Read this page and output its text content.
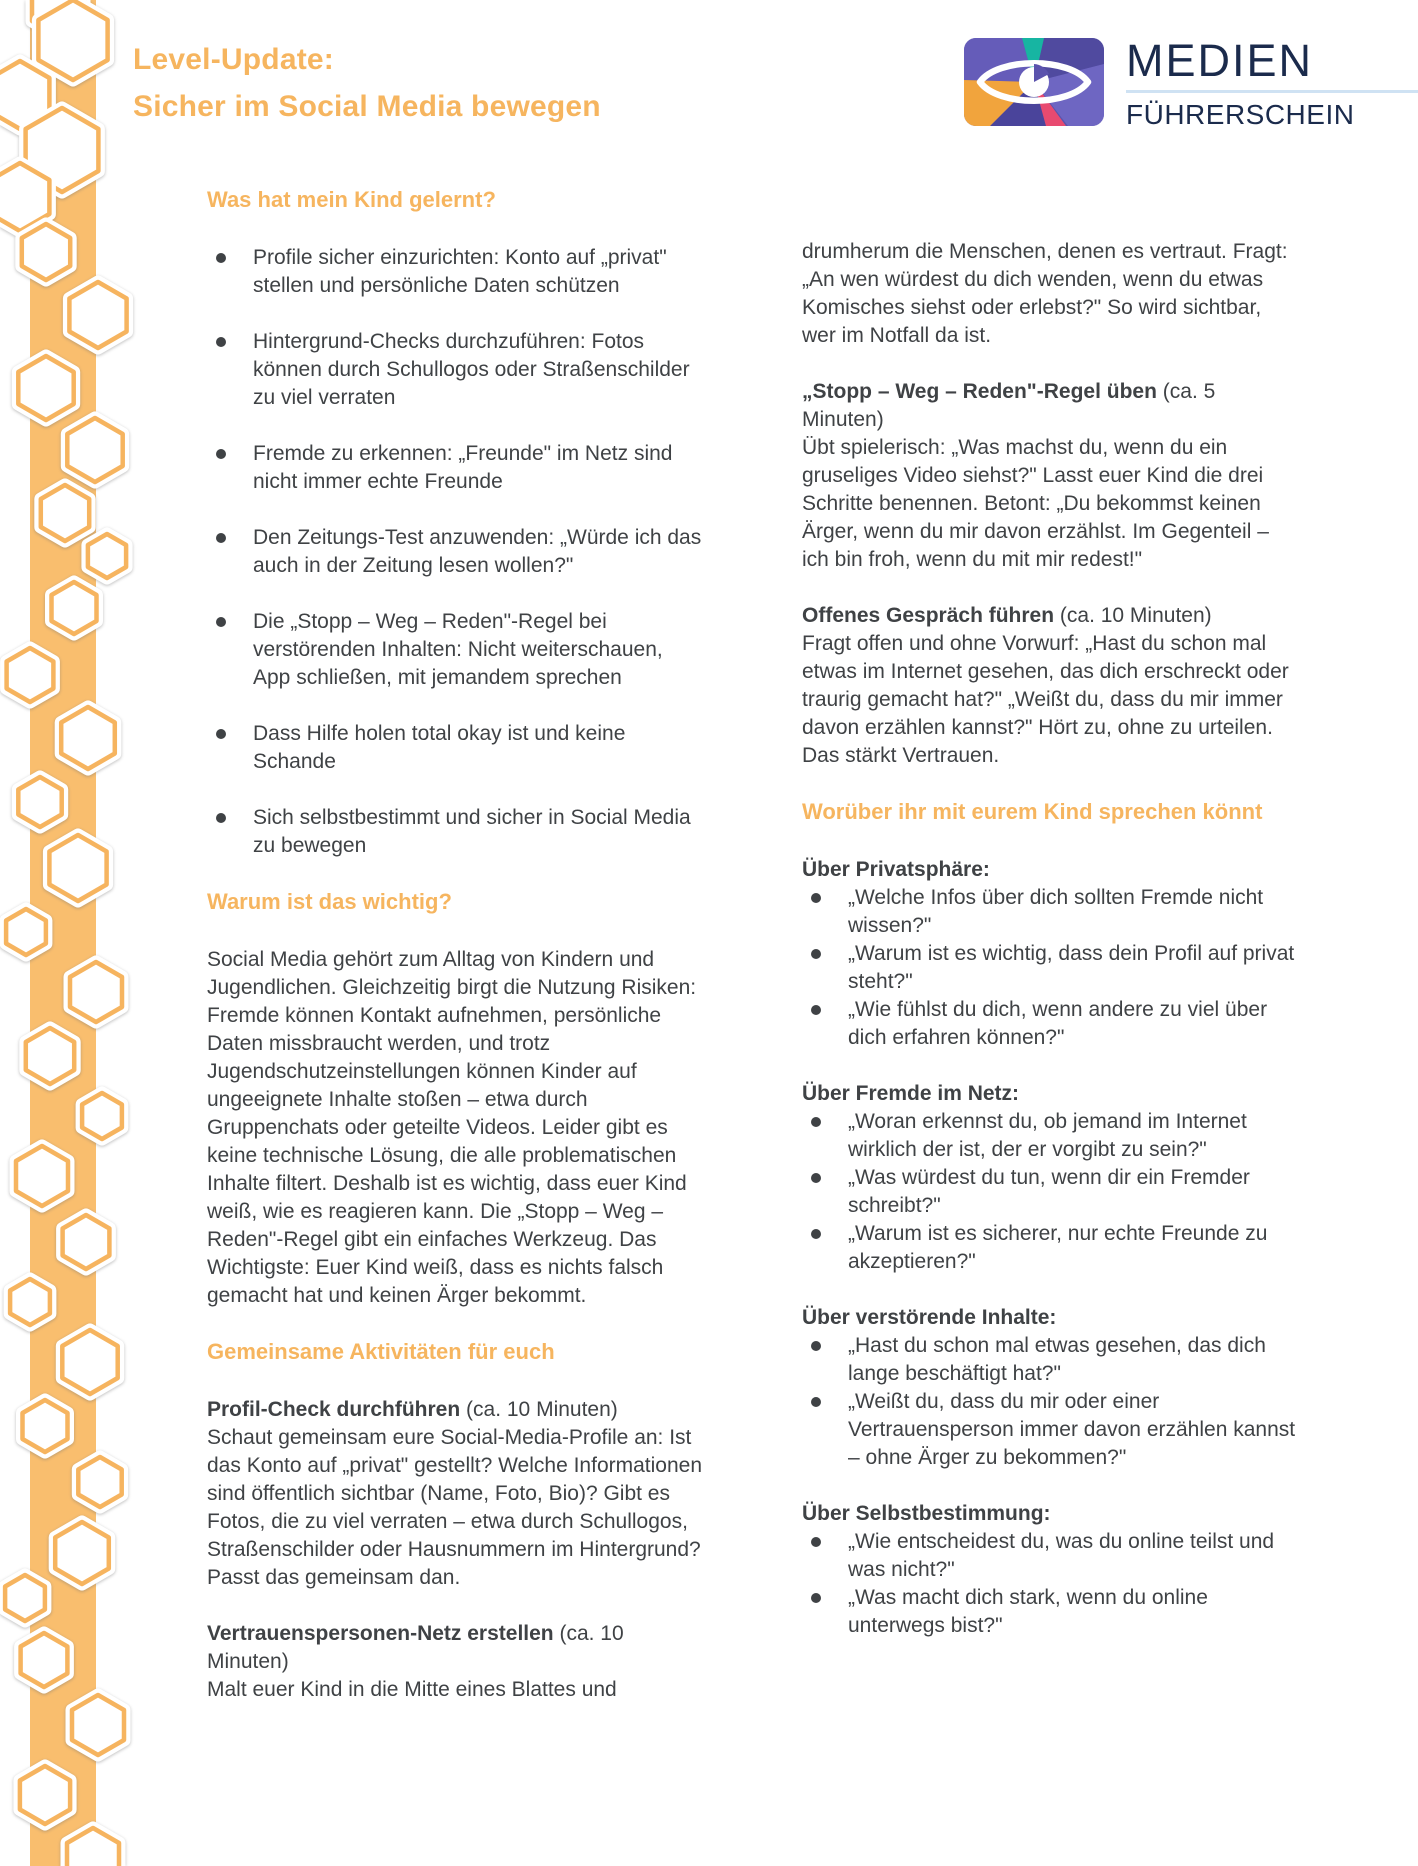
Level-Update:
Sicher im Social Media bewegen
MEDIEN
FÜHRERSCHEIN
Was hat mein Kind gelernt?
Profile sicher einzurichten: Konto auf „privat" stellen und persönliche Daten schützen
Hintergrund-Checks durchzuführen: Fotos können durch Schullogos oder Straßenschilder zu viel verraten
Fremde zu erkennen: „Freunde" im Netz sind nicht immer echte Freunde
Den Zeitungs-Test anzuwenden: „Würde ich das auch in der Zeitung lesen wollen?"
Die „Stopp – Weg – Reden"-Regel bei verstörenden Inhalten: Nicht weiterschauen, App schließen, mit jemandem sprechen
Dass Hilfe holen total okay ist und keine Schande
Sich selbstbestimmt und sicher in Social Media zu bewegen
Warum ist das wichtig?

Social Media gehört zum Alltag von Kindern und Jugendlichen. Gleichzeitig birgt die Nutzung Risiken: Fremde können Kontakt aufnehmen, persönliche Daten missbraucht werden, und trotz Jugendschutzeinstellungen können Kinder auf ungeeignete Inhalte stoßen – etwa durch Gruppenchats oder geteilte Videos. Leider gibt es keine technische Lösung, die alle problematischen Inhalte filtert. Deshalb ist es wichtig, dass euer Kind weiß, wie es reagieren kann. Die „Stopp – Weg – Reden"-Regel gibt ein einfaches Werkzeug. Das Wichtigste: Euer Kind weiß, dass es nichts falsch gemacht hat und keinen Ärger bekommt.

Gemeinsame Aktivitäten für euch

Profil-Check durchführen (ca. 10 Minuten)

Schaut gemeinsam eure Social-Media-Profile an: Ist das Konto auf „privat" gestellt? Welche Informationen sind öffentlich sichtbar (Name, Foto, Bio)? Gibt es Fotos, die zu viel verraten – etwa durch Schullogos, Straßenschilder oder Hausnummern im Hintergrund? Passt das gemeinsam dan.

Vertrauenspersonen-Netz erstellen (ca. 10 Minuten)

Malt euer Kind in die Mitte eines Blattes und

drumherum die Menschen, denen es vertraut. Fragt: „An wen würdest du dich wenden, wenn du etwas Komisches siehst oder erlebst?" So wird sichtbar, wer im Notfall da ist.

„Stopp – Weg – Reden"-Regel üben (ca. 5 Minuten)

Übt spielerisch: „Was machst du, wenn du ein gruseliges Video siehst?" Lasst euer Kind die drei Schritte benennen. Betont: „Du bekommst keinen Ärger, wenn du mir davon erzählst. Im Gegenteil – ich bin froh, wenn du mit mir redest!"

Offenes Gespräch führen (ca. 10 Minuten)

Fragt offen und ohne Vorwurf: „Hast du schon mal etwas im Internet gesehen, das dich erschreckt oder traurig gemacht hat?" „Weißt du, dass du mir immer davon erzählen kannst?" Hört zu, ohne zu urteilen. Das stärkt Vertrauen.

Worüber ihr mit eurem Kind sprechen könnt

Über Privatsphäre:

„Welche Infos über dich sollten Fremde nicht wissen?"
„Warum ist es wichtig, dass dein Profil auf privat steht?"
„Wie fühlst du dich, wenn andere zu viel über dich erfahren können?"

Über Fremde im Netz:

„Woran erkennst du, ob jemand im Internet wirklich der ist, der er vorgibt zu sein?"
„Was würdest du tun, wenn dir ein Fremder schreibt?"
„Warum ist es sicherer, nur echte Freunde zu akzeptieren?"

Über verstörende Inhalte:

„Hast du schon mal etwas gesehen, das dich lange beschäftigt hat?"
„Weißt du, dass du mir oder einer Vertrauensperson immer davon erzählen kannst – ohne Ärger zu bekommen?"

Über Selbstbestimmung:

„Wie entscheidest du, was du online teilst und was nicht?"
„Was macht dich stark, wenn du online unterwegs bist?"
